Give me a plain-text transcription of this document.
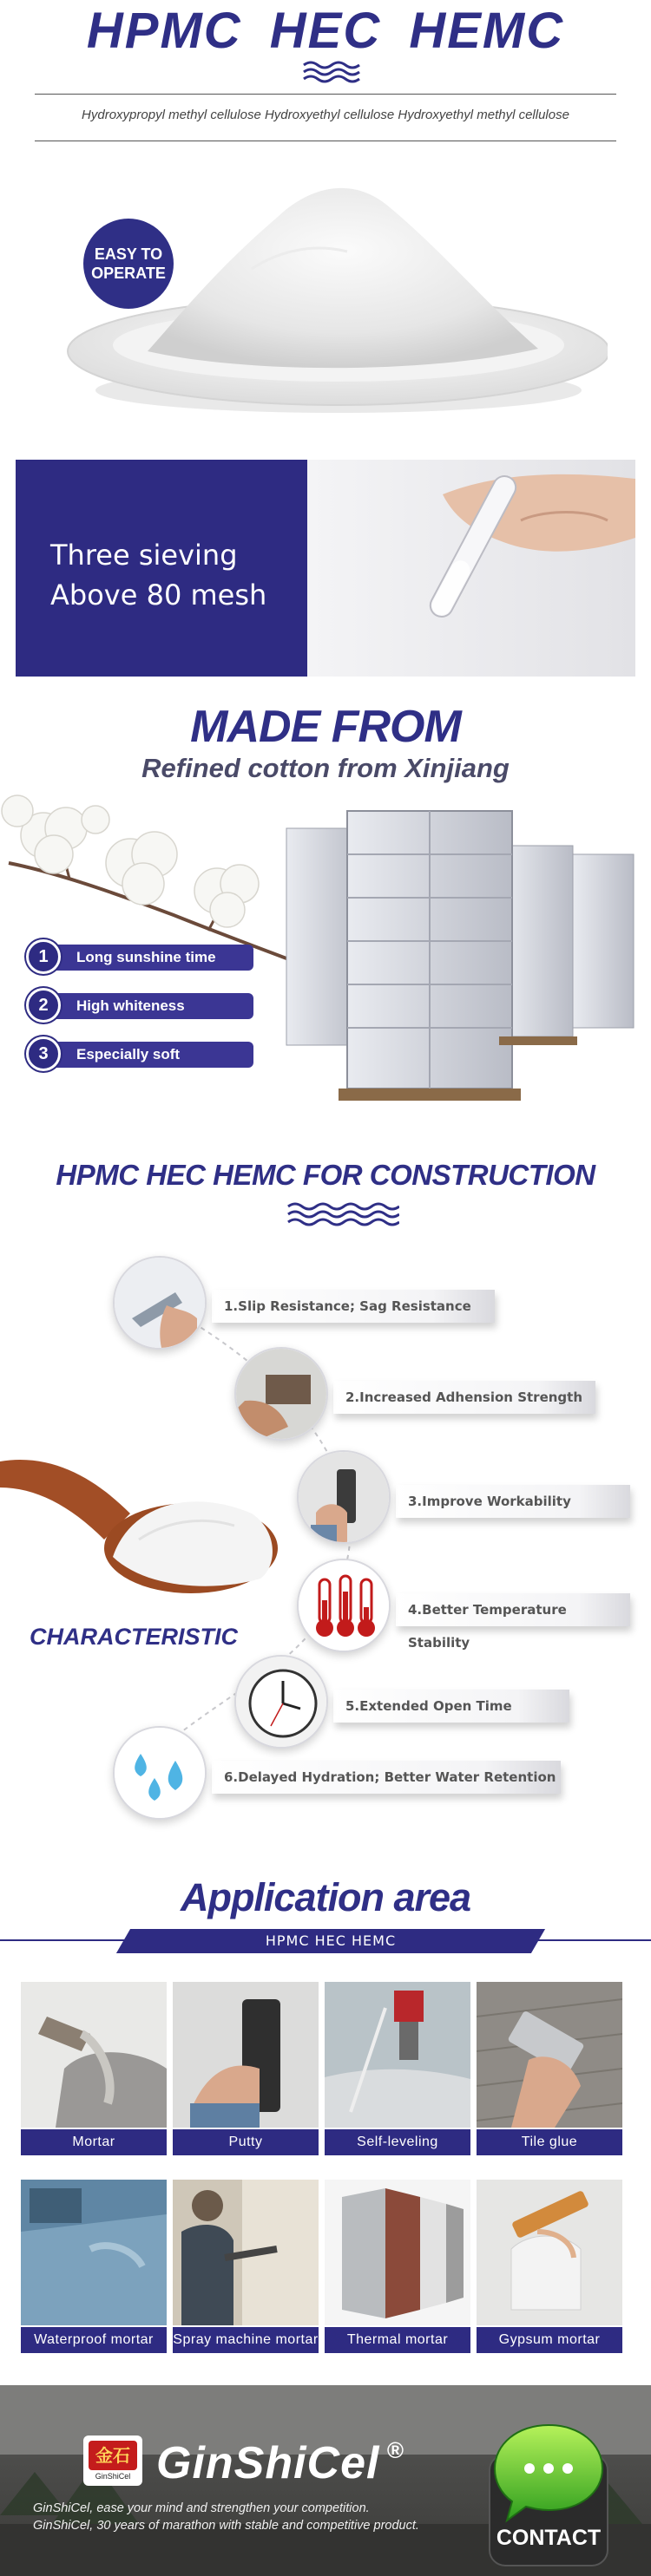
HPMC HEC HEMC
Hydroxypropyl methyl cellulose Hydroxyethyl cellulose Hydroxyethyl methyl cellulose
EASY TO
OPERATE
Three sieving
Above 80 mesh
MADE FROM
Refined cotton from Xinjiang
Long sunshine time
1
High whiteness
2
Especially soft
3
HPMC HEC HEMC FOR CONSTRUCTION
CHARACTERISTIC
1.Slip Resistance; Sag Resistance
2.Increased Adhension Strength
3.Improve Workability
4.Better Temperature Stability
5.Extended Open Time
6.Delayed Hydration; Better Water Retention
Application area
HPMC HEC HEMC
Mortar	Putty	Self-leveling	Tile glue
Waterproof mortar	Spray machine mortar	Thermal mortar	Gypsum mortar
金石
GinShiCel GinShiCel ®
GinShiCel, ease your mind and strengthen your competition.
GinShiCel, 30 years of marathon with stable and competitive product.	CONTACT
